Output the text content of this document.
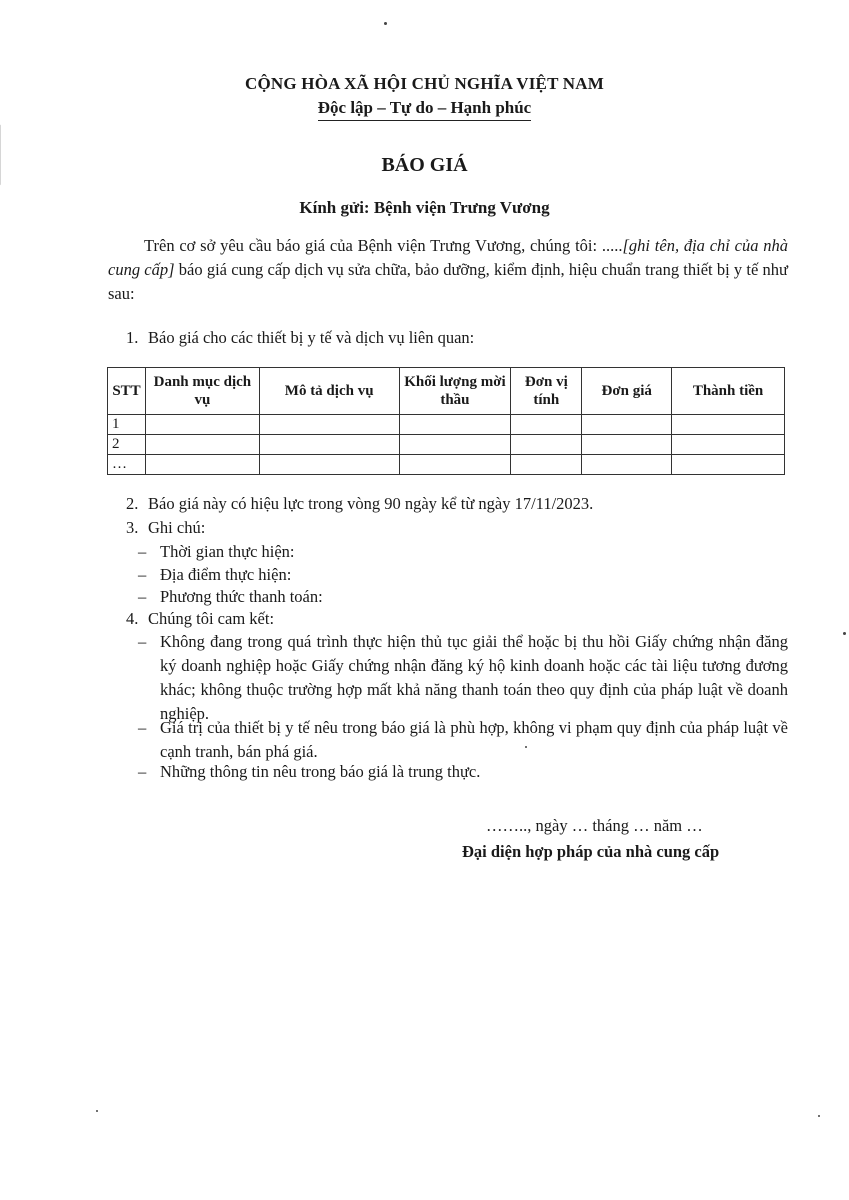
CỘNG HÒA XÃ HỘI CHỦ NGHĨA VIỆT NAM
Độc lập – Tự do – Hạnh phúc
BÁO GIÁ
Kính gửi: Bệnh viện Trưng Vương
Trên cơ sở yêu cầu báo giá của Bệnh viện Trưng Vương, chúng tôi: .....[ghi tên, địa chỉ của nhà cung cấp] báo giá cung cấp dịch vụ sửa chữa, bảo dưỡng, kiểm định, hiệu chuẩn trang thiết bị y tế như sau:
1. Báo giá cho các thiết bị y tế và dịch vụ liên quan:
STT	Danh mục dịch vụ	Mô tả dịch vụ	Khối lượng mời thầu	Đơn vị tính	Đơn giá	Thành tiền
1						
2						
…						
2. Báo giá này có hiệu lực trong vòng 90 ngày kể từ ngày 17/11/2023.
3. Ghi chú:
– Thời gian thực hiện:
– Địa điểm thực hiện:
– Phương thức thanh toán:
4. Chúng tôi cam kết:
– Không đang trong quá trình thực hiện thủ tục giải thể hoặc bị thu hồi Giấy chứng nhận đăng ký doanh nghiệp hoặc Giấy chứng nhận đăng ký hộ kinh doanh hoặc các tài liệu tương đương khác; không thuộc trường hợp mất khả năng thanh toán theo quy định của pháp luật về doanh nghiệp.
– Giá trị của thiết bị y tế nêu trong báo giá là phù hợp, không vi phạm quy định của pháp luật về cạnh tranh, bán phá giá.
– Những thông tin nêu trong báo giá là trung thực.
…….., ngày … tháng … năm …
Đại diện hợp pháp của nhà cung cấp
